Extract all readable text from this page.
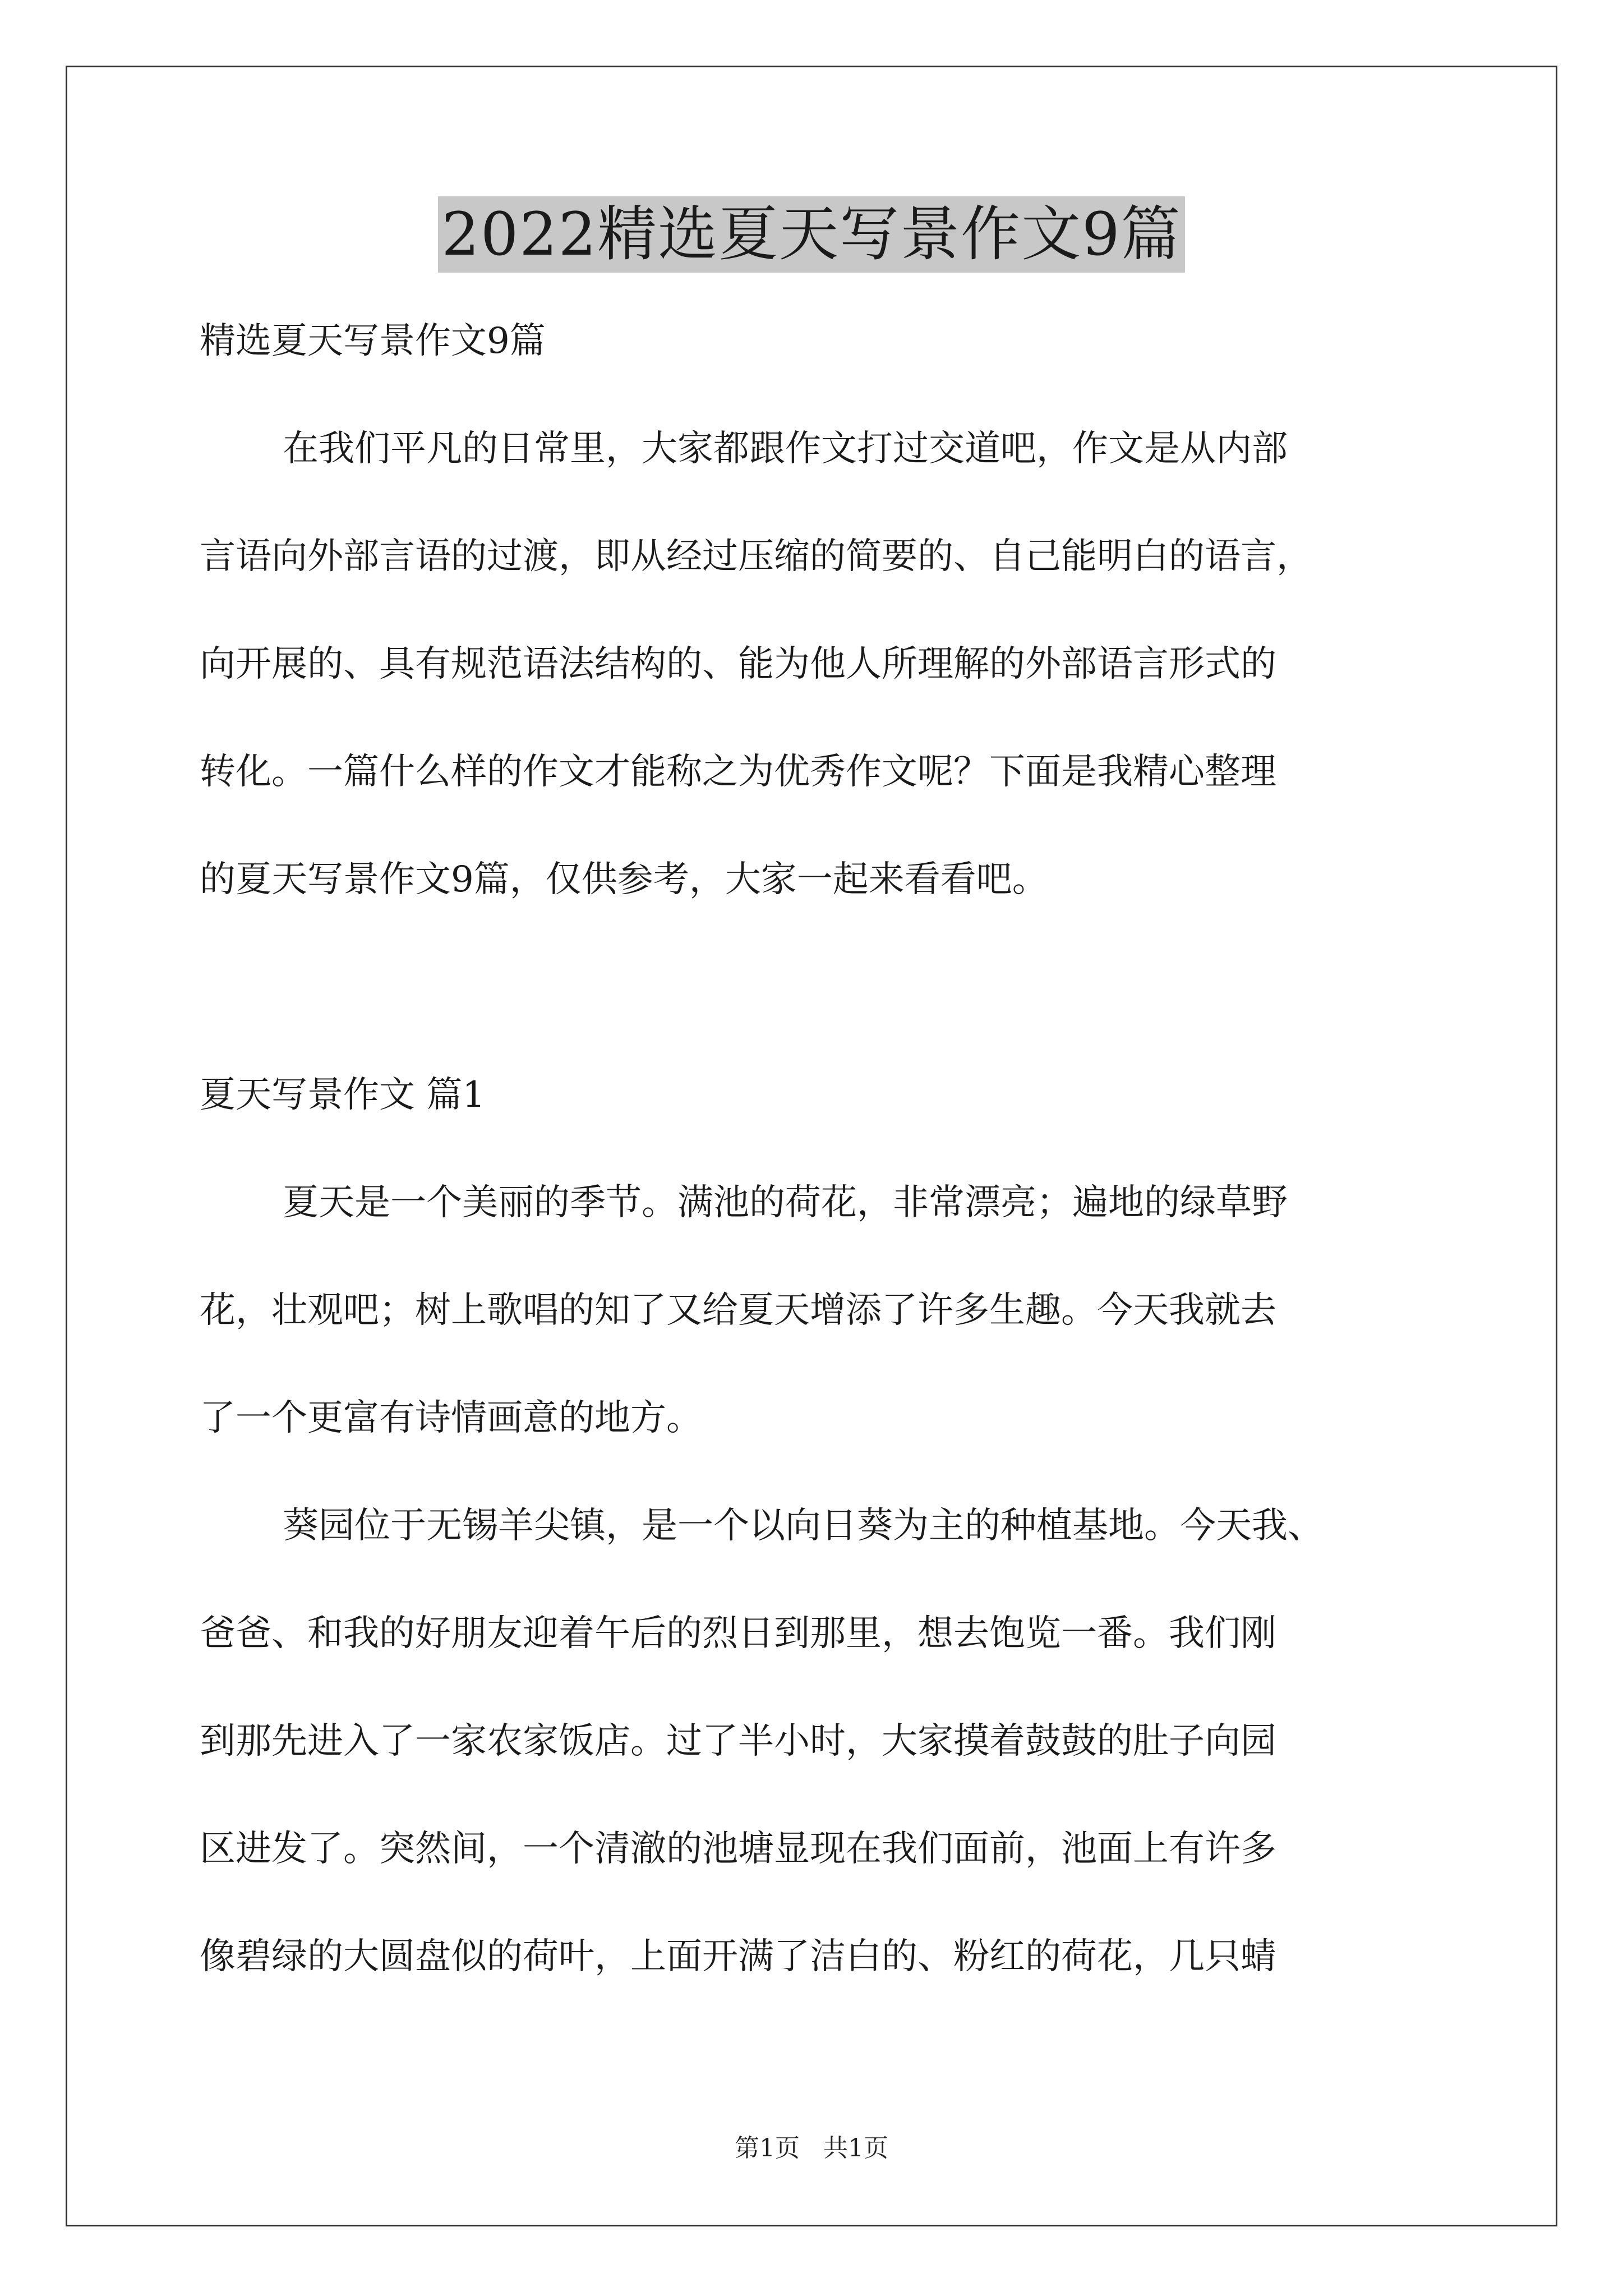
2022精选夏天写景作文9篇

精选夏天写景作文9篇

在我们平凡的日常里，大家都跟作文打过交道吧，作文是从内部

言语向外部言语的过渡，即从经过压缩的简要的、自己能明白的语言，

向开展的、具有规范语法结构的、能为他人所理解的外部语言形式的

转化。一篇什么样的作文才能称之为优秀作文呢？下面是我精心整理

的夏天写景作文9篇，仅供参考，大家一起来看看吧。

夏天写景作文 篇1

夏天是一个美丽的季节。满池的荷花，非常漂亮；遍地的绿草野

花，壮观吧；树上歌唱的知了又给夏天增添了许多生趣。今天我就去

了一个更富有诗情画意的地方。

葵园位于无锡羊尖镇，是一个以向日葵为主的种植基地。今天我、

爸爸、和我的好朋友迎着午后的烈日到那里，想去饱览一番。我们刚

到那先进入了一家农家饭店。过了半小时，大家摸着鼓鼓的肚子向园

区进发了。突然间，一个清澈的池塘显现在我们面前，池面上有许多

像碧绿的大圆盘似的荷叶，上面开满了洁白的、粉红的荷花，几只蜻

第1页 共1页
